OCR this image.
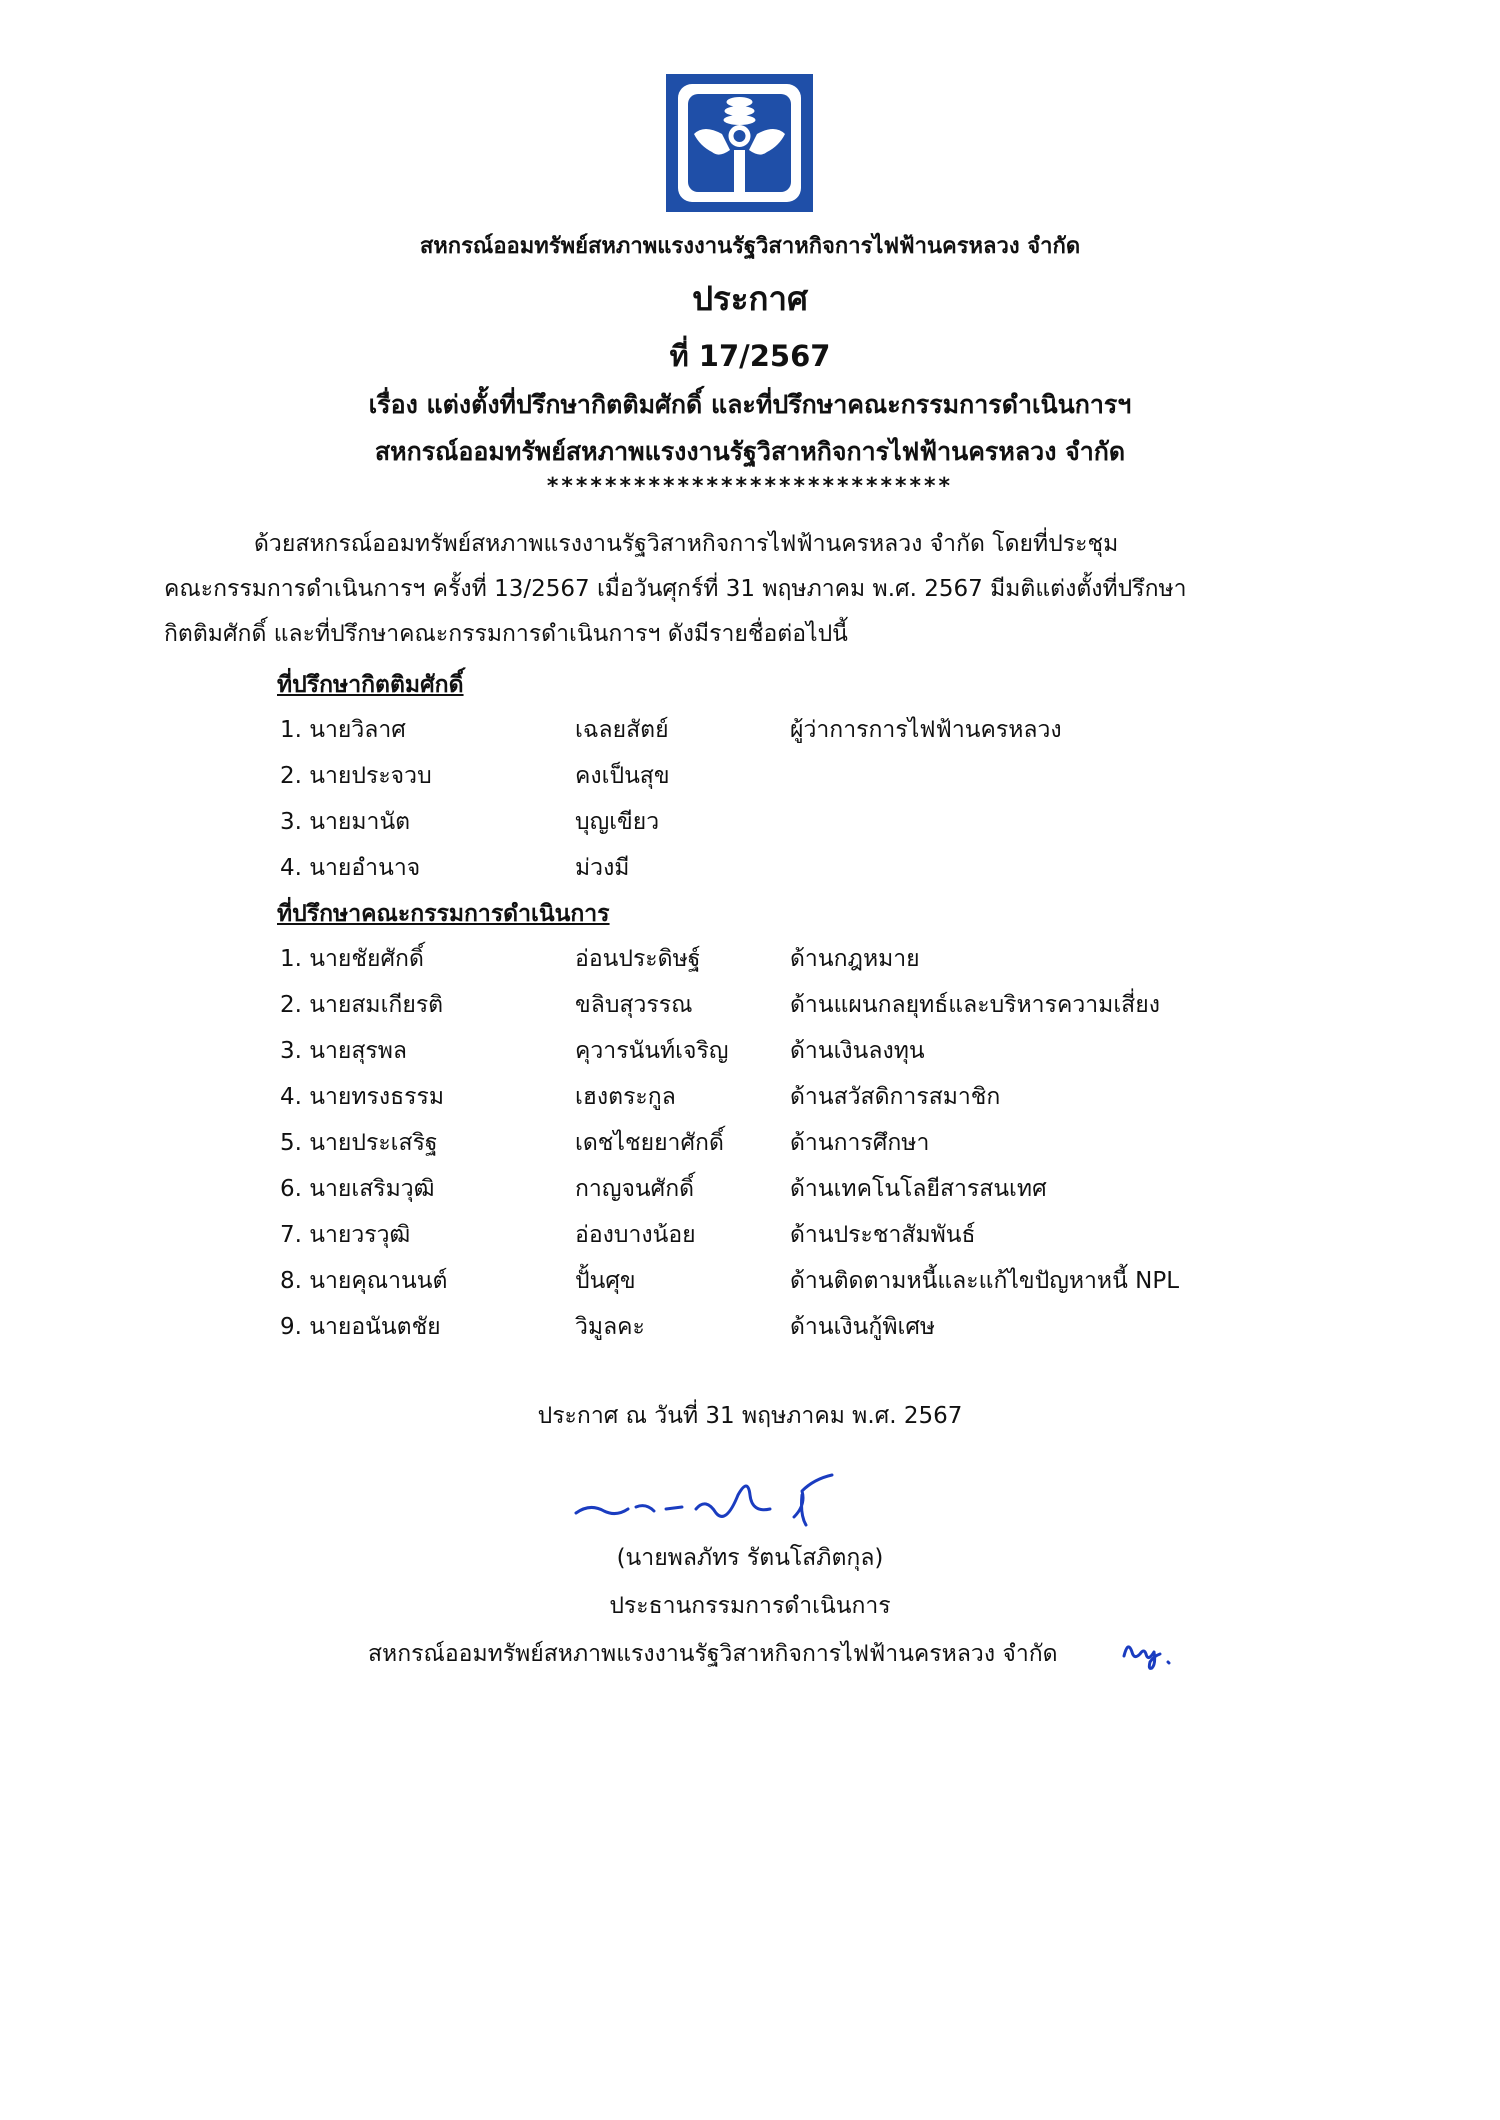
สหกรณ์ออมทรัพย์สหภาพแรงงานรัฐวิสาหกิจการไฟฟ้านครหลวง จำกัด
ประกาศ
ที่ 17/2567
เรื่อง แต่งตั้งที่ปรึกษากิตติมศักดิ์ และที่ปรึกษาคณะกรรมการดำเนินการฯ
สหกรณ์ออมทรัพย์สหภาพแรงงานรัฐวิสาหกิจการไฟฟ้านครหลวง จำกัด
****************************
ด้วยสหกรณ์ออมทรัพย์สหภาพแรงงานรัฐวิสาหกิจการไฟฟ้านครหลวง จำกัด โดยที่ประชุม
คณะกรรมการดำเนินการฯ ครั้งที่ 13/2567 เมื่อวันศุกร์ที่ 31 พฤษภาคม พ.ศ. 2567 มีมติแต่งตั้งที่ปรึกษา
กิตติมศักดิ์ และที่ปรึกษาคณะกรรมการดำเนินการฯ ดังมีรายชื่อต่อไปนี้
ที่ปรึกษากิตติมศักดิ์
1. นายวิลาศ	เฉลยสัตย์	ผู้ว่าการการไฟฟ้านครหลวง
2. นายประจวบ	คงเป็นสุข
3. นายมานัต	บุญเขียว
4. นายอำนาจ	ม่วงมี
ที่ปรึกษาคณะกรรมการดำเนินการ
1. นายชัยศักดิ์	อ่อนประดิษฐ์	ด้านกฎหมาย
2. นายสมเกียรติ	ขลิบสุวรรณ	ด้านแผนกลยุทธ์และบริหารความเสี่ยง
3. นายสุรพล	คุวารนันท์เจริญ	ด้านเงินลงทุน
4. นายทรงธรรม	เฮงตระกูล	ด้านสวัสดิการสมาชิก
5. นายประเสริฐ	เดชไชยยาศักดิ์	ด้านการศึกษา
6. นายเสริมวุฒิ	กาญจนศักดิ์	ด้านเทคโนโลยีสารสนเทศ
7. นายวรวุฒิ	อ่องบางน้อย	ด้านประชาสัมพันธ์
8. นายคุณานนต์	ปั้นศุข	ด้านติดตามหนี้และแก้ไขปัญหาหนี้ NPL
9. นายอนันตชัย	วิมูลคะ	ด้านเงินกู้พิเศษ
ประกาศ ณ วันที่ 31 พฤษภาคม พ.ศ. 2567
(นายพลภัทร รัตนโสภิตกุล)
ประธานกรรมการดำเนินการ
สหกรณ์ออมทรัพย์สหภาพแรงงานรัฐวิสาหกิจการไฟฟ้านครหลวง จำกัด
